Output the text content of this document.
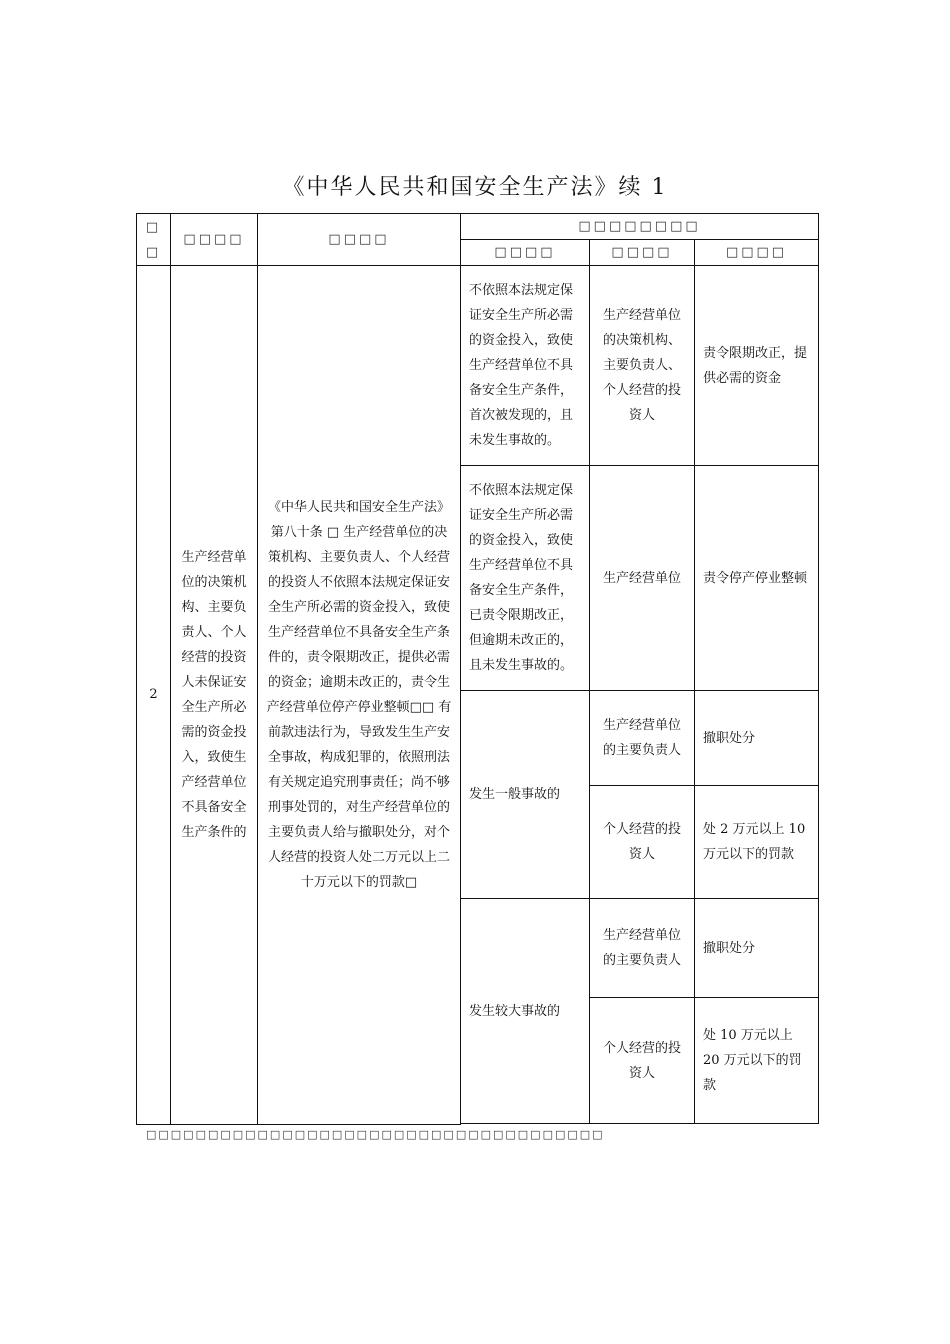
《中华人民共和国安全生产法》续 1
□
□	□□□□	□□□□	□□□□□□□□		
			□□□□	□□□□	□□□□
2	生产经营单位的决策机构、主要负责人、个人经营的投资人未保证安全生产所必需的资金投入，致使生产经营单位不具备安全生产条件的	《中华人民共和国安全生产法》第八十条 □ 生产经营单位的决策机构、主要负责人、个人经营的投资人不依照本法规定保证安全生产所必需的资金投入，致使生产经营单位不具备安全生产条件的，责令限期改正，提供必需的资金；逾期未改正的，责令生产经营单位停产停业整顿□□ 有前款违法行为，导致发生生产安全事故，构成犯罪的，依照刑法有关规定追究刑事责任；尚不够刑事处罚的，对生产经营单位的主要负责人给与撤职处分，对个人经营的投资人处二万元以上二十万元以下的罚款□	不依照本法规定保证安全生产所必需的资金投入，致使生产经营单位不具备安全生产条件，首次被发现的，且未发生事故的。	生产经营单位的决策机构、主要负责人、个人经营的投资人	责令限期改正，提供必需的资金
			不依照本法规定保证安全生产所必需的资金投入，致使生产经营单位不具备安全生产条件，已责令限期改正，但逾期未改正的，且未发生事故的。	生产经营单位	责令停产停业整顿
			发生一般事故的	生产经营单位的主要负责人	撤职处分
				个人经营的投资人	处 2 万元以上 10 万元以下的罚款
			发生较大事故的	生产经营单位的主要负责人	撤职处分
				个人经营的投资人	处 10 万元以上 20 万元以下的罚款

□□□□□□□□□□□□□□□□□□□□□□□□□□□□□□□□□□□□□
